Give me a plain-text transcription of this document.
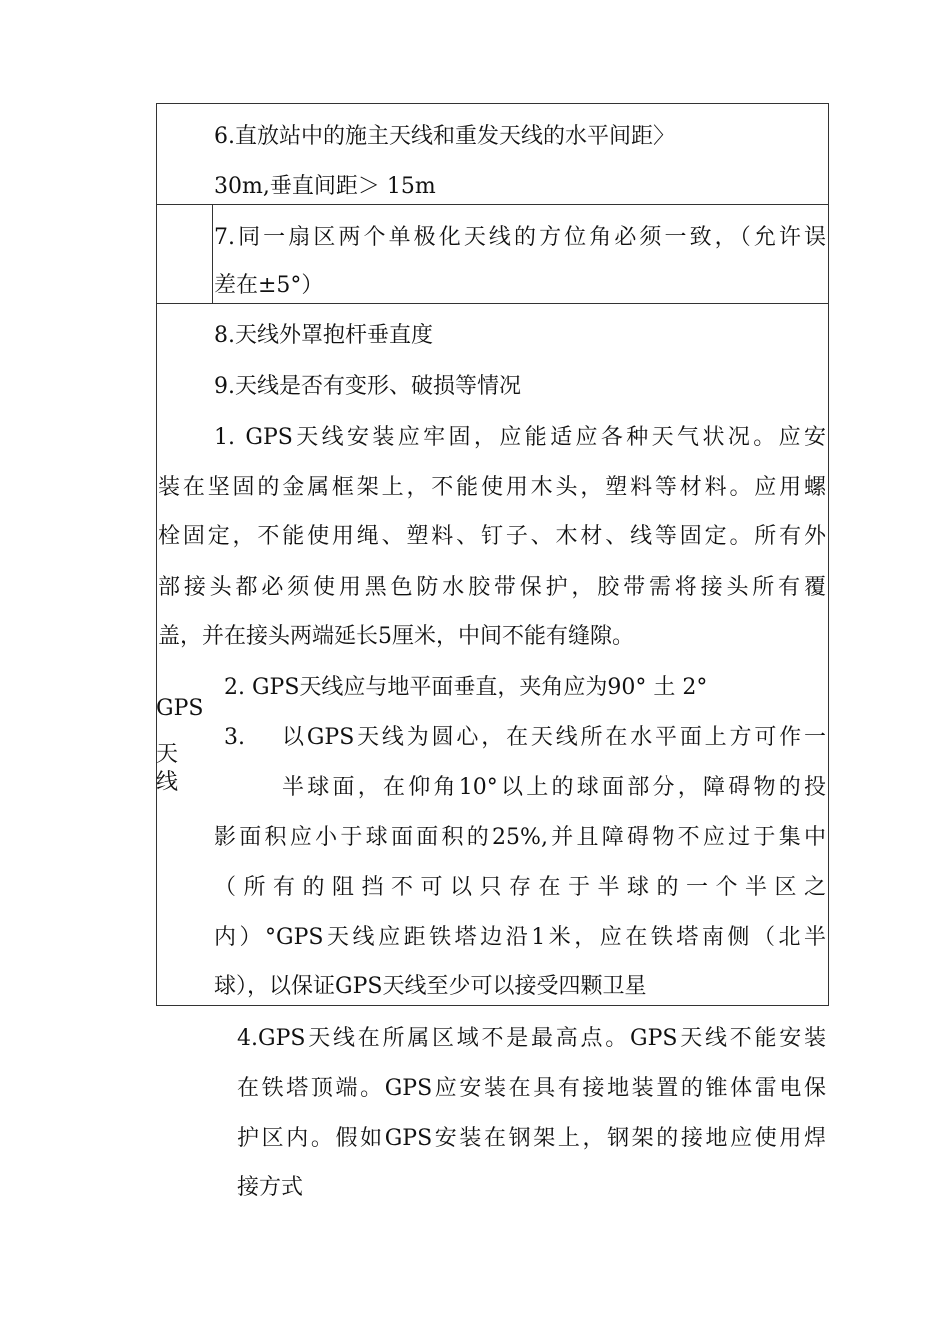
6.直放站中的施主天线和重发天线的水平间距〉
30m,垂直间距＞ 15m
7.同一扇区两个单极化天线的方位角必须一致，（允许误
差在±5°）
8.天线外罩抱杆垂直度
9.天线是否有变形、破损等情况
1. GPS天线安装应牢固，应能适应各种天气状况。应安
装在坚固的金属框架上，不能使用木头，塑料等材料。应用螺
栓固定，不能使用绳、塑料、钉子、木材、线等固定。所有外
部接头都必须使用黑色防水胶带保护，胶带需将接头所有覆
盖，并在接头两端延长5厘米，中间不能有缝隙。
GPS
天
线
2. GPS天线应与地平面垂直，夹角应为90° 土 2°
3. 以GPS天线为圆心，在天线所在水平面上方可作一
半球面，在仰角10°以上的球面部分，障碍物的投
影面积应小于球面面积的25%,并且障碍物不应过于集中
（所有的阻挡不可以只存在于半球的一个半区之
内）°GPS天线应距铁塔边沿1米，应在铁塔南侧（北半
球），以保证GPS天线至少可以接受四颗卫星
4.GPS天线在所属区域不是最高点。GPS天线不能安装
在铁塔顶端。GPS应安装在具有接地装置的锥体雷电保
护区内。假如GPS安装在钢架上，钢架的接地应使用焊
接方式
